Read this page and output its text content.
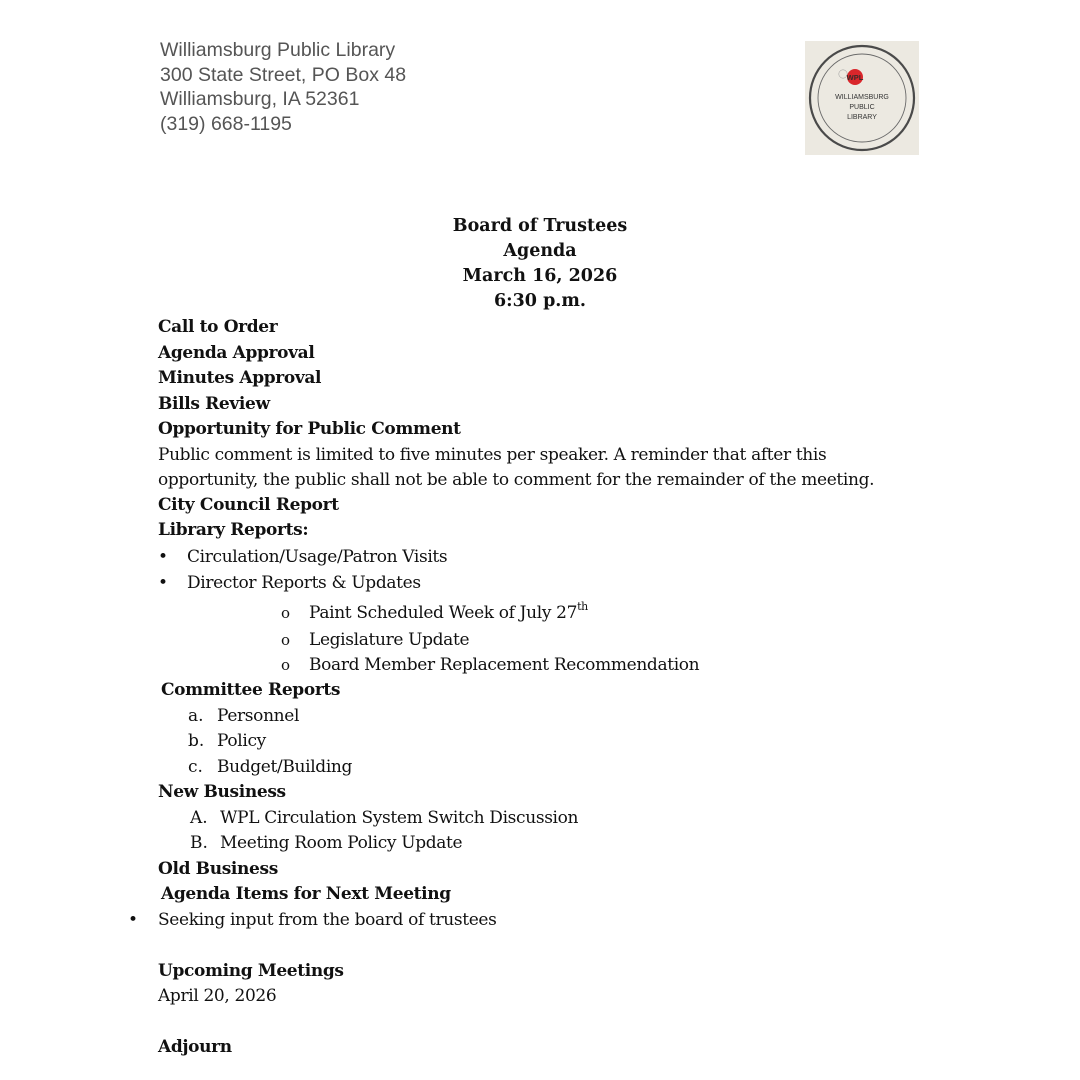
Williamsburg Public Library
300 State Street, PO Box 48
Williamsburg, IA 52361
(319) 668-1195
WPL
WILLIAMSBURG
PUBLIC
LIBRARY
Board of Trustees
Agenda
March 16, 2026
6:30 p.m.
Call to Order
Agenda Approval
Minutes Approval
Bills Review
Opportunity for Public Comment
Public comment is limited to five minutes per speaker. A reminder that after this
opportunity, the public shall not be able to comment for the remainder of the meeting.
City Council Report
Library Reports:
• Circulation/Usage/Patron Visits
• Director Reports & Updates
o Paint Scheduled Week of July 27th
o Legislature Update
o Board Member Replacement Recommendation
Committee Reports
a. Personnel
b. Policy
c. Budget/Building
New Business
A. WPL Circulation System Switch Discussion
B. Meeting Room Policy Update
Old Business
Agenda Items for Next Meeting
• Seeking input from the board of trustees
Upcoming Meetings
April 20, 2026
Adjourn
